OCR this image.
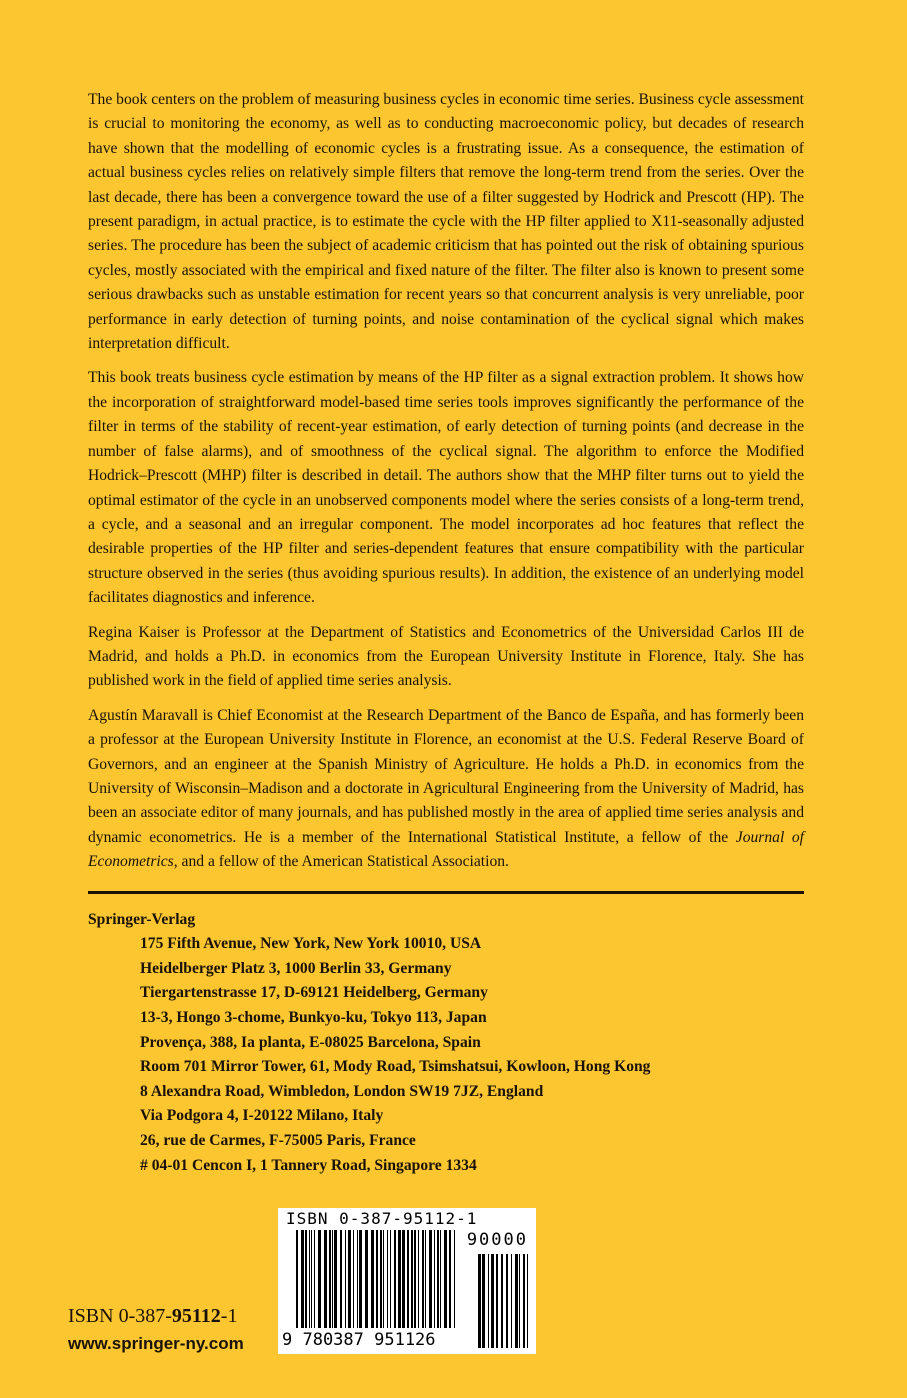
The book centers on the problem of measuring business cycles in economic time series. Business cycle assessment is crucial to monitoring the economy, as well as to conducting macroeconomic policy, but decades of research have shown that the modelling of economic cycles is a frustrating issue. As a consequence, the estimation of actual business cycles relies on relatively simple filters that remove the long-term trend from the series. Over the last decade, there has been a convergence toward the use of a filter suggested by Hodrick and Prescott (HP). The present paradigm, in actual practice, is to estimate the cycle with the HP filter applied to X11-seasonally adjusted series. The procedure has been the subject of academic criticism that has pointed out the risk of obtaining spurious cycles, mostly associated with the empirical and fixed nature of the filter. The filter also is known to present some serious drawbacks such as unstable estimation for recent years so that concurrent analysis is very unreliable, poor performance in early detection of turning points, and noise contamination of the cyclical signal which makes interpretation difficult.

This book treats business cycle estimation by means of the HP filter as a signal extraction problem. It shows how the incorporation of straightforward model-based time series tools improves significantly the performance of the filter in terms of the stability of recent-year estimation, of early detection of turning points (and decrease in the number of false alarms), and of smoothness of the cyclical signal. The algorithm to enforce the Modified Hodrick–Prescott (MHP) filter is described in detail. The authors show that the MHP filter turns out to yield the optimal estimator of the cycle in an unobserved components model where the series consists of a long-term trend, a cycle, and a seasonal and an irregular component. The model incorporates ad hoc features that reflect the desirable properties of the HP filter and series-dependent features that ensure compatibility with the particular structure observed in the series (thus avoiding spurious results). In addition, the existence of an underlying model facilitates diagnostics and inference.

Regina Kaiser is Professor at the Department of Statistics and Econometrics of the Universidad Carlos III de Madrid, and holds a Ph.D. in economics from the European University Institute in Florence, Italy. She has published work in the field of applied time series analysis.

Agustín Maravall is Chief Economist at the Research Department of the Banco de España, and has formerly been a professor at the European University Institute in Florence, an economist at the U.S. Federal Reserve Board of Governors, and an engineer at the Spanish Ministry of Agriculture. He holds a Ph.D. in economics from the University of Wisconsin–Madison and a doctorate in Agricultural Engineering from the University of Madrid, has been an associate editor of many journals, and has published mostly in the area of applied time series analysis and dynamic econometrics. He is a member of the International Statistical Institute, a fellow of the Journal of Econometrics, and a fellow of the American Statistical Association.

Springer-Verlag
175 Fifth Avenue, New York, New York 10010, USA
Heidelberger Platz 3, 1000 Berlin 33, Germany
Tiergartenstrasse 17, D-69121 Heidelberg, Germany
13-3, Hongo 3-chome, Bunkyo-ku, Tokyo 113, Japan
Provença, 388, Ia planta, E-08025 Barcelona, Spain
Room 701 Mirror Tower, 61, Mody Road, Tsimshatsui, Kowloon, Hong Kong
8 Alexandra Road, Wimbledon, London SW19 7JZ, England
Via Podgora 4, I-20122 Milano, Italy
26, rue de Carmes, F-75005 Paris, France
# 04-01 Cencon I, 1 Tannery Road, Singapore 1334
ISBN 0-387-95112-1
www.springer-ny.com
ISBN 0-387-95112-1
90000
9 780387 951126
